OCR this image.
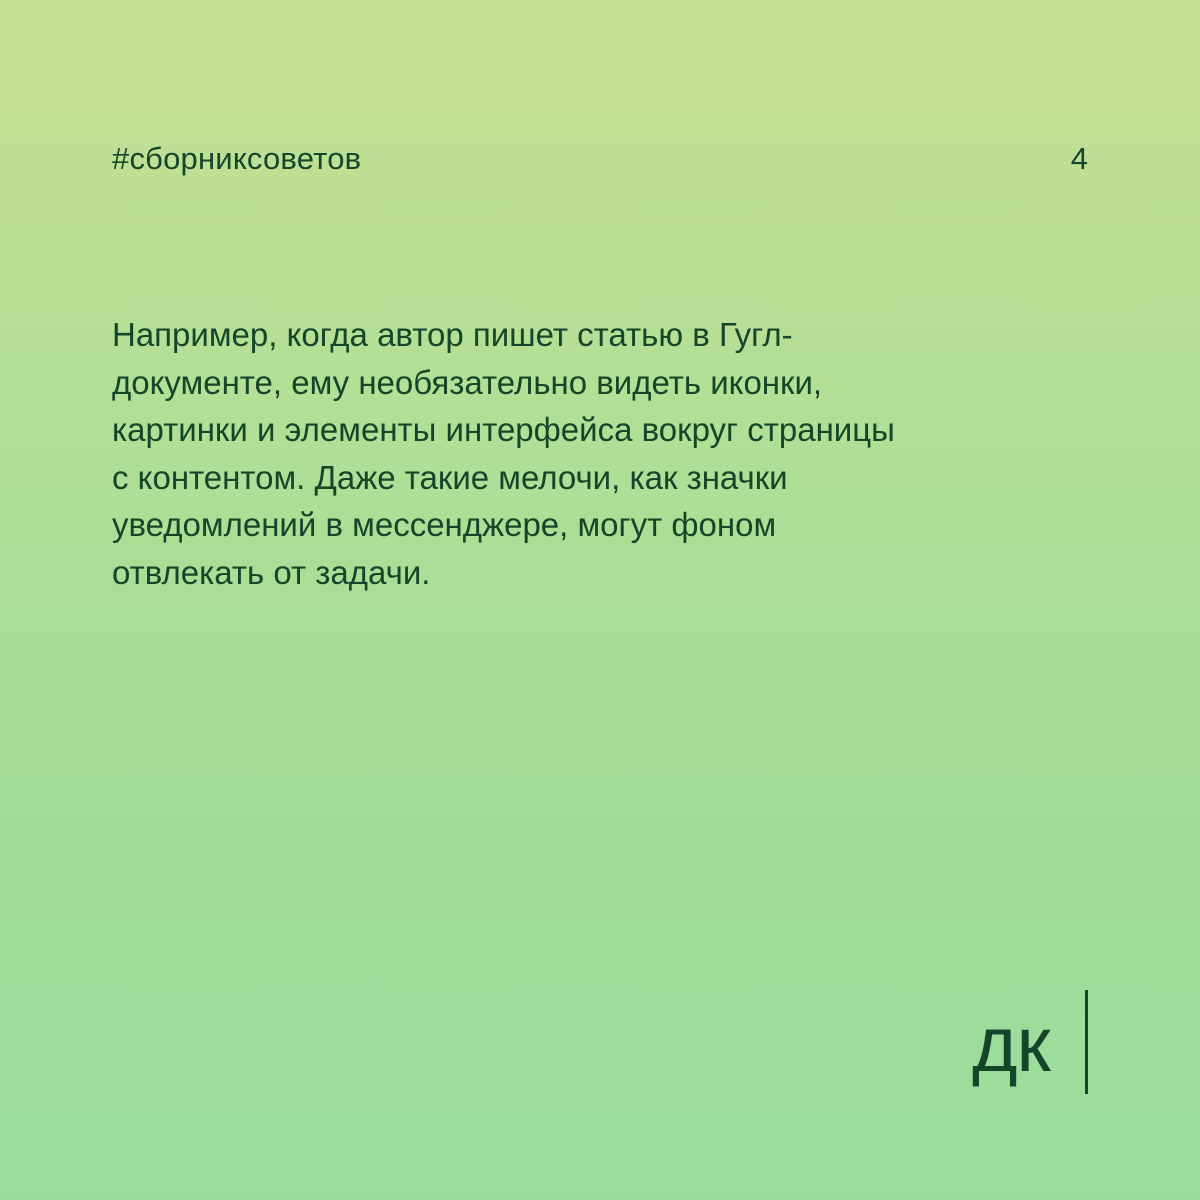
#сборниксоветов	4

Например, когда автор пишет статью в Гугл-
документе, ему необязательно видеть иконки,
картинки и элементы интерфейса вокруг страницы
с контентом. Даже такие мелочи, как значки
уведомлений в мессенджере, могут фоном
отвлекать от задачи.

дк
